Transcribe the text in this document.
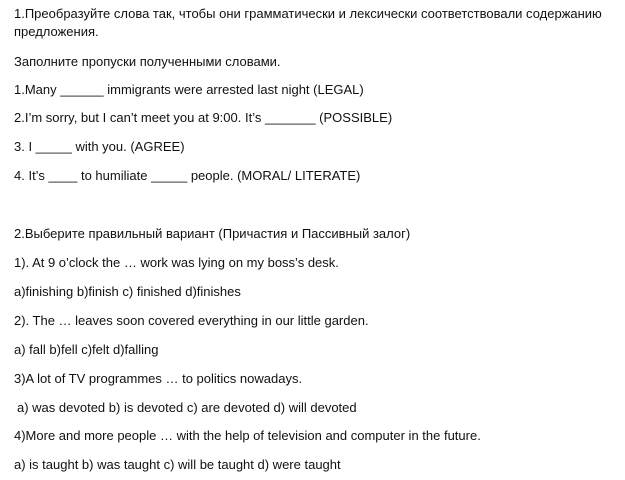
1.Преобразуйте слова так, чтобы они грамматически и лексически соответствовали содержанию
предложения.
Заполните пропуски полученными словами.
1.Many ______ immigrants were arrested last night (LEGAL)
2.I’m sorry, but I can’t meet you at 9:00. It’s _______ (POSSIBLE)
3. I _____ with you. (AGREE)
4. It’s ____ to humiliate _____ people. (MORAL/ LITERATE)
2.Выберите правильный вариант (Причастия и Пассивный залог)
1). At 9 o’clock the … work was lying on my boss’s desk.
a)finishing b)finish c) finished d)finishes
2). The … leaves soon covered everything in our little garden.
a) fall b)fell c)felt d)falling
3)A lot of TV programmes … to politics nowadays.
a) was devoted b) is devoted c) are devoted d) will devoted
4)More and more people … with the help of television and computer in the future.
a) is taught b) was taught c) will be taught d) were taught
